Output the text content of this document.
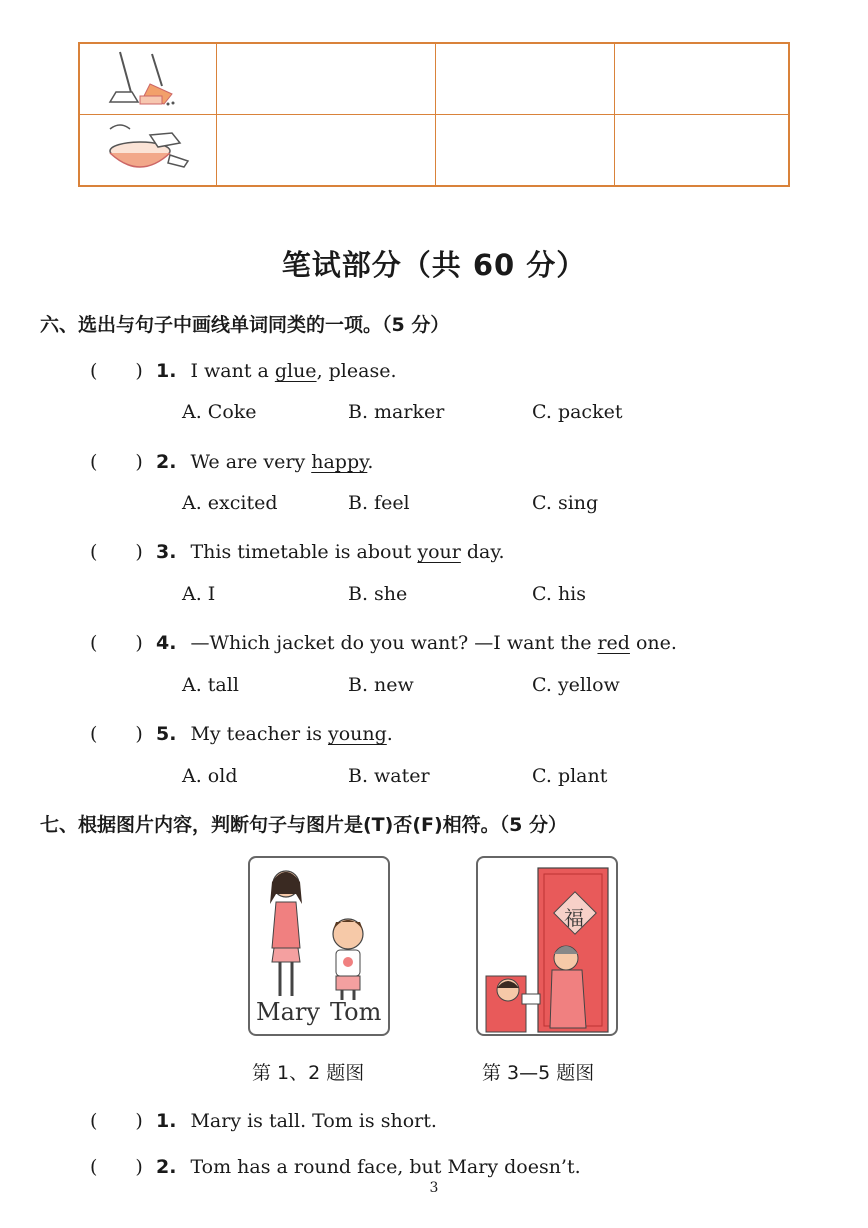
笔试部分（共 60 分）
六、选出与句子中画线单词同类的一项。（5 分）
(　　) 1. I want a glue, please.
A. Coke	B. marker	C. packet
(　　) 2. We are very happy.
A. excited	B. feel	C. sing
(　　) 3. This timetable is about your day.
A. I	B. she	C. his
(　　) 4. —Which jacket do you want? —I want the red one.
A. tall	B. new	C. yellow
(　　) 5. My teacher is young.
A. old	B. water	C. plant
七、根据图片内容，判断句子与图片是(T)否(F)相符。（5 分）
Mary Tom
福
第 1、2 题图	第 3—5 题图
(　　) 1. Mary is tall. Tom is short.
(　　) 2. Tom has a round face, but Mary doesn’t.
3
